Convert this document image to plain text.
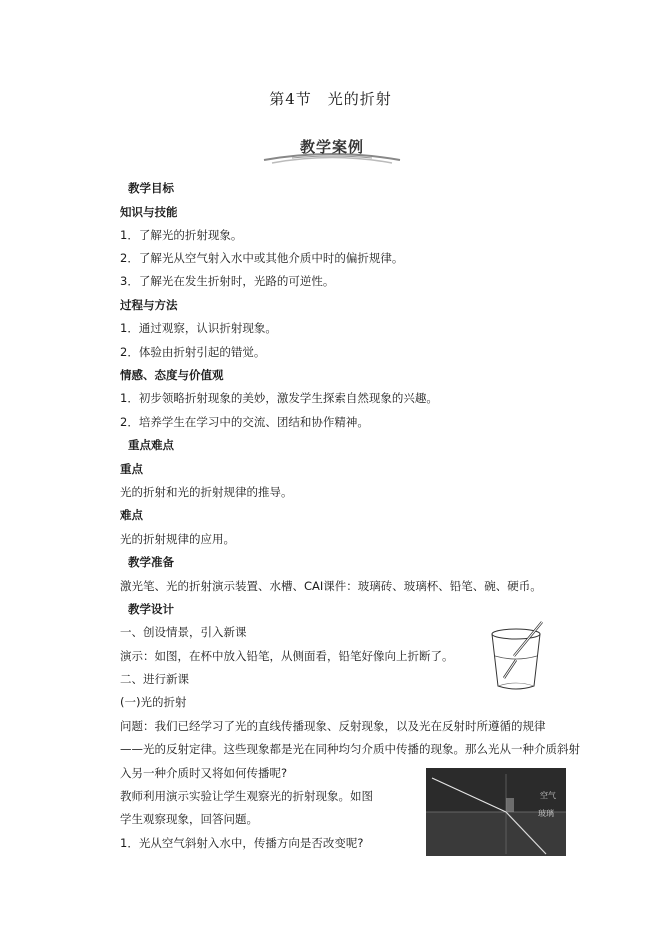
第4节　光的折射
教学案例
教学目标
知识与技能
1．了解光的折射现象。
2．了解光从空气射入水中或其他介质中时的偏折规律。
3．了解光在发生折射时，光路的可逆性。
过程与方法
1．通过观察，认识折射现象。
2．体验由折射引起的错觉。
情感、态度与价值观
1．初步领略折射现象的美妙，激发学生探索自然现象的兴趣。
2．培养学生在学习中的交流、团结和协作精神。
重点难点
重点
光的折射和光的折射规律的推导。
难点
光的折射规律的应用。
教学准备
激光笔、光的折射演示装置、水槽、CAI课件：玻璃砖、玻璃杯、铅笔、碗、硬币。
教学设计
一、创设情景，引入新课
演示：如图，在杯中放入铅笔，从侧面看，铅笔好像向上折断了。
二、进行新课
(一)光的折射
问题：我们已经学习了光的直线传播现象、反射现象，以及光在反射时所遵循的规律
——光的反射定律。这些现象都是光在同种均匀介质中传播的现象。那么光从一种介质斜射
入另一种介质时又将如何传播呢?
教师利用演示实验让学生观察光的折射现象。如图
学生观察现象，回答问题。
1．光从空气斜射入水中，传播方向是否改变呢?
空气
玻璃
